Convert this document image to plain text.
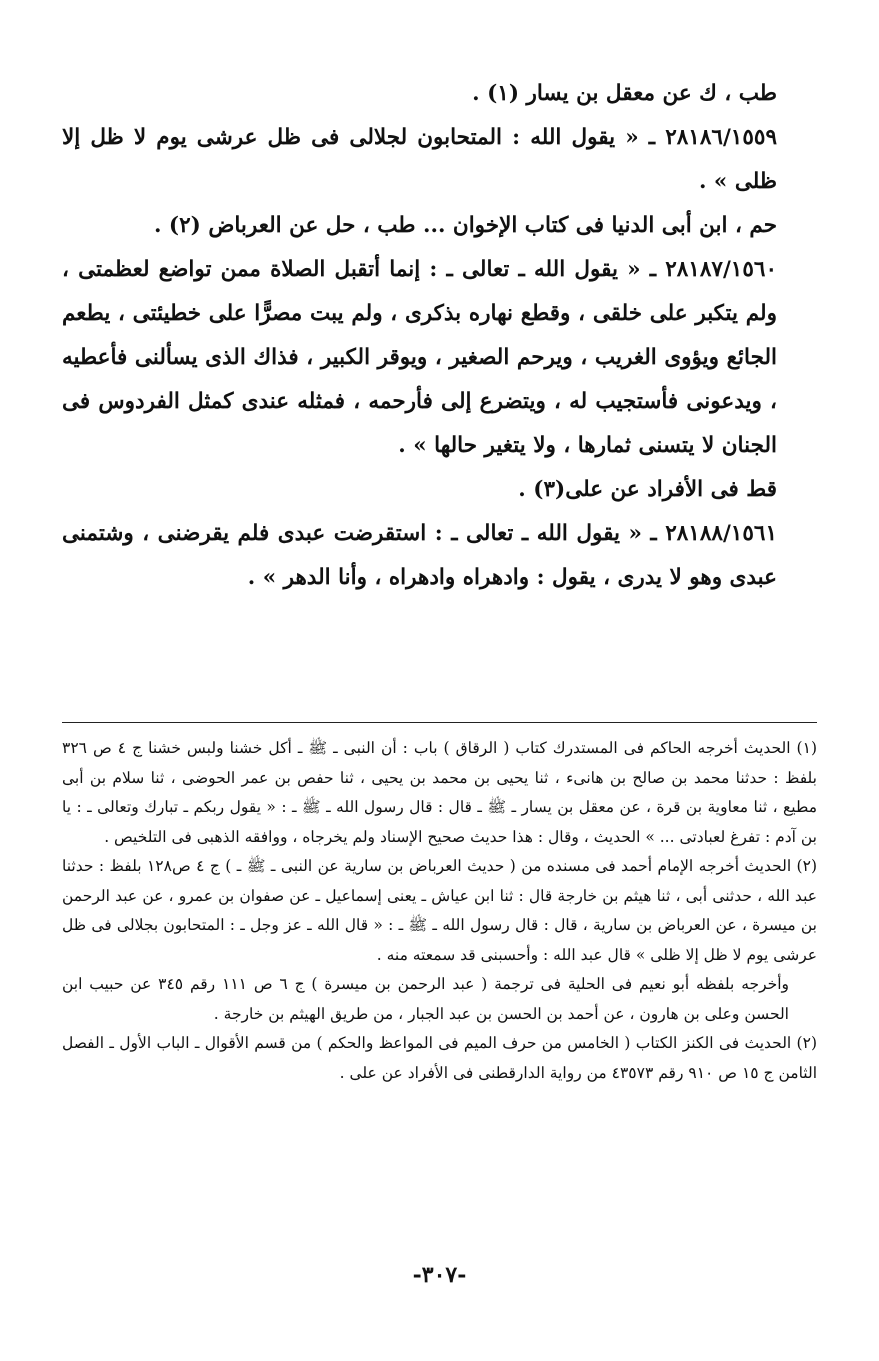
طب ، ك عن معقل بن يسار (١) .

٢٨١٨٦/١٥٥٩ ـ « يقول الله : المتحابون لجلالى فى ظل عرشى يوم لا ظل إلا ظلى » .

حم ، ابن أبى الدنيا فى كتاب الإخوان ... طب ، حل عن العرباض (٢) .

٢٨١٨٧/١٥٦٠ ـ « يقول الله ـ تعالى ـ : إنما أتقبل الصلاة ممن تواضع لعظمتى ، ولم يتكبر على خلقى ، وقطع نهاره بذكرى ، ولم يبت مصرًّا على خطيئتى ، يطعم الجائع ويؤوى الغريب ، ويرحم الصغير ، ويوقر الكبير ، فذاك الذى يسألنى فأعطيه ، ويدعونى فأستجيب له ، ويتضرع إلى فأرحمه ، فمثله عندى كمثل الفردوس فى الجنان لا يتسنى ثمارها ، ولا يتغير حالها » .

قط فى الأفراد عن على(٣) .

٢٨١٨٨/١٥٦١ ـ « يقول الله ـ تعالى ـ : استقرضت عبدى فلم يقرضنى ، وشتمنى عبدى وهو لا يدرى ، يقول : وادهراه وادهراه ، وأنا الدهر » .

(١) الحديث أخرجه الحاكم فى المستدرك كتاب ( الرقاق ) باب : أن النبى ـ ﷺ ـ أكل خشنا ولبس خشنا ج ٤ ص ٣٢٦ بلفظ : حدثنا محمد بن صالح بن هانىء ، ثنا يحيى بن محمد بن يحيى ، ثنا حفص بن عمر الحوضى ، ثنا سلام بن أبى مطيع ، ثنا معاوية بن قرة ، عن معقل بن يسار ـ ﷺ ـ قال : قال رسول الله ـ ﷺ ـ : « يقول ربكم ـ تبارك وتعالى ـ : يا بن آدم : تفرغ لعبادتى ... » الحديث ، وقال : هذا حديث صحيح الإسناد ولم يخرجاه ، ووافقه الذهبى فى التلخيص .

(٢) الحديث أخرجه الإمام أحمد فى مسنده من ( حديث العرباض بن سارية عن النبى ـ ﷺ ـ ) ج ٤ ص١٢٨ بلفظ : حدثنا عبد الله ، حدثنى أبى ، ثنا هيثم بن خارجة قال : ثنا ابن عياش ـ يعنى إسماعيل ـ عن صفوان بن عمرو ، عن عبد الرحمن بن ميسرة ، عن العرباض بن سارية ، قال : قال رسول الله ـ ﷺ ـ : « قال الله ـ عز وجل ـ : المتحابون بجلالى فى ظل عرشى يوم لا ظل إلا ظلى » قال عبد الله : وأحسبنى قد سمعته منه .

وأخرجه بلفظه أبو نعيم فى الحلية فى ترجمة ( عبد الرحمن بن ميسرة ) ج ٦ ص ١١١ رقم ٣٤٥ عن حبيب ابن الحسن وعلى بن هارون ، عن أحمد بن الحسن بن عبد الجبار ، من طريق الهيثم بن خارجة .

(٢) الحديث فى الكنز الكتاب ( الخامس من حرف الميم فى المواعظ والحكم ) من قسم الأقوال ـ الباب الأول ـ الفصل الثامن ج ١٥ ص ٩١٠ رقم ٤٣٥٧٣ من رواية الدارقطنى فى الأفراد عن على .

-٣٠٧-
